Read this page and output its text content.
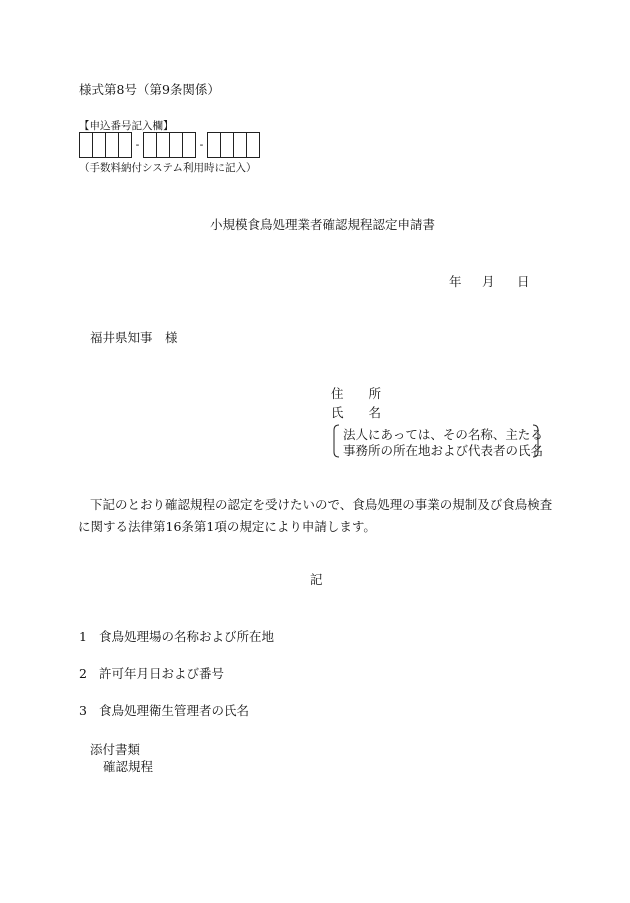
様式第8号（第9条関係）
【申込番号記入欄】
-	-
（手数料納付システム利用時に記入）
小規模食鳥処理業者確認規程認定申請書
年 月 日
福井県知事　様
住　　所
氏　　名
法人にあっては、その名称、主たる
事務所の所在地および代表者の氏名
下記のとおり確認規程の認定を受けたいので、食鳥処理の事業の規制及び食鳥検査に関する法律第16条第1項の規定により申請します。
記
1 食鳥処理場の名称および所在地
2 許可年月日および番号
3 食鳥処理衛生管理者の氏名
添付書類
確認規程
